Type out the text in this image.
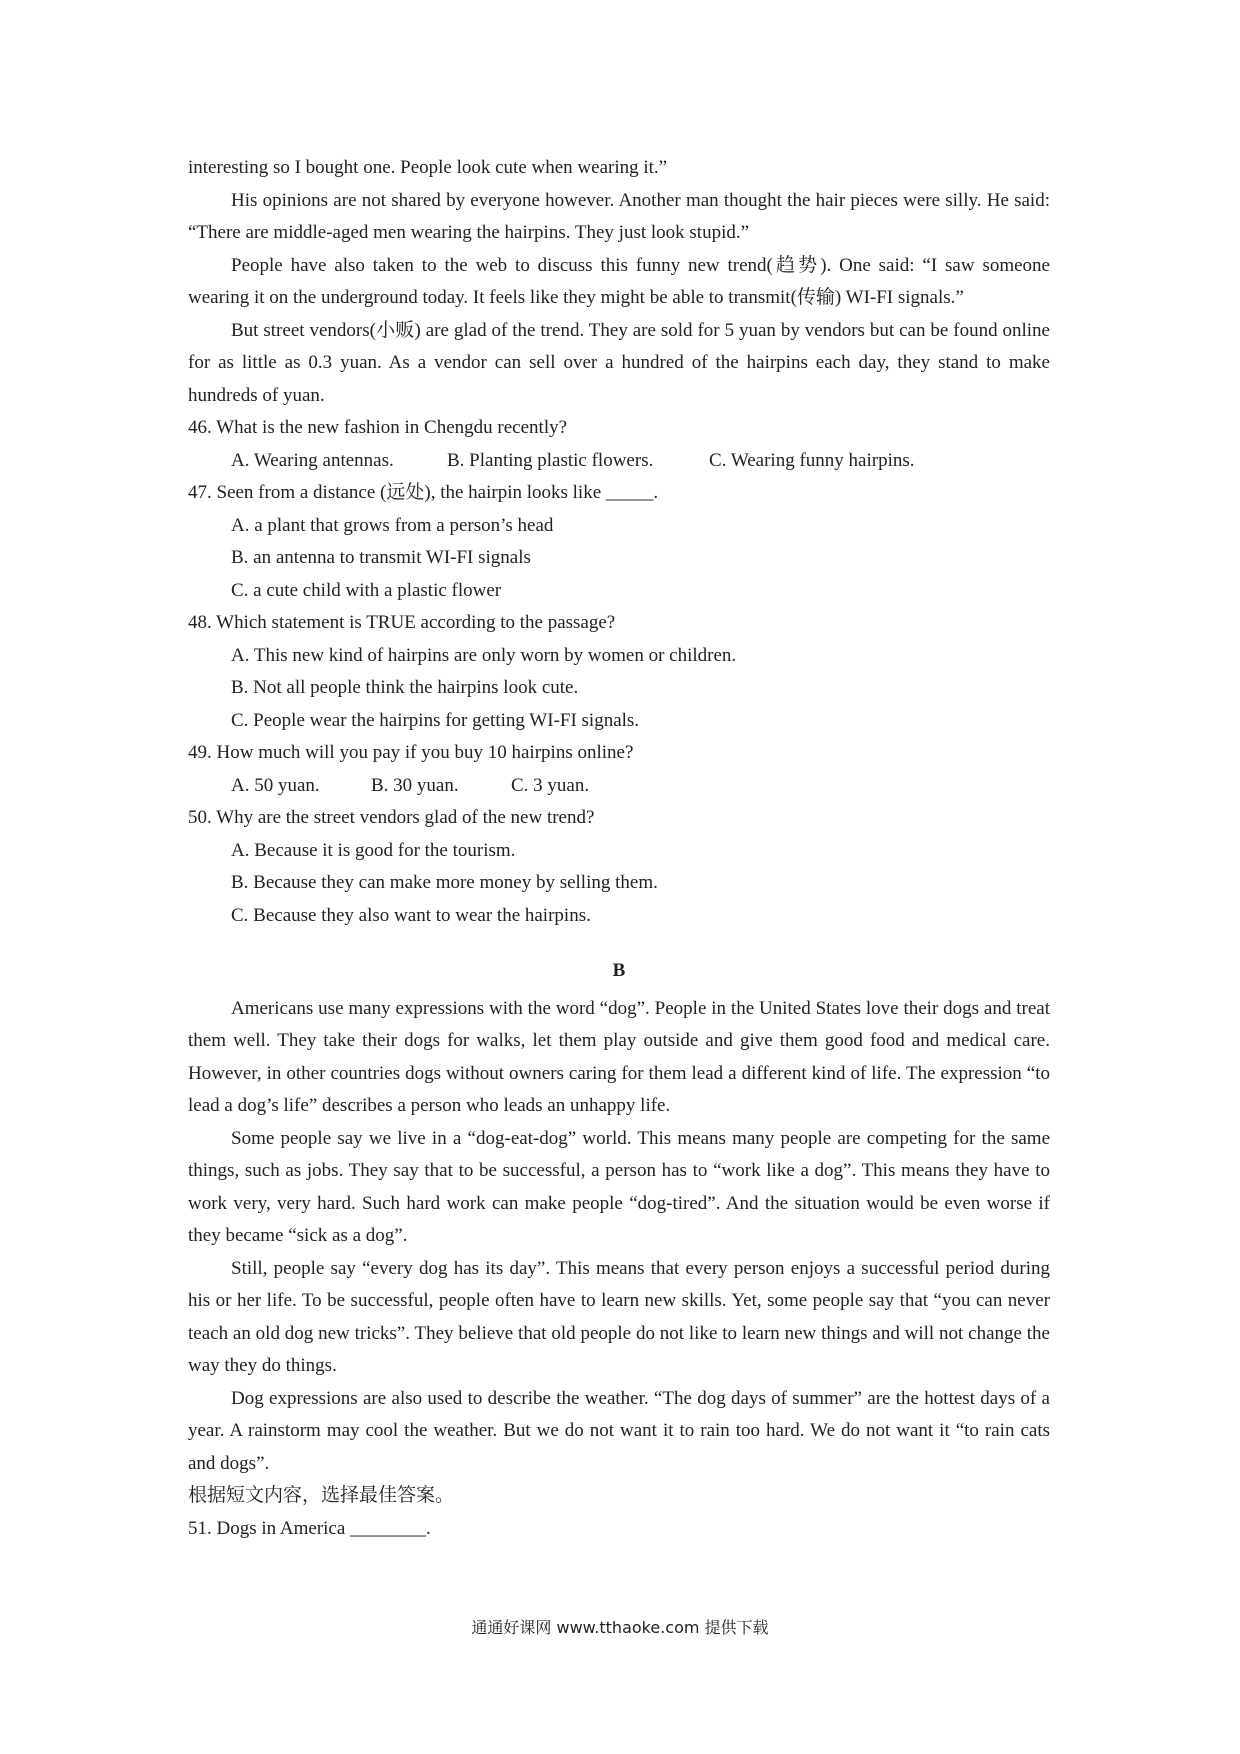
interesting so I bought one. People look cute when wearing it.”

His opinions are not shared by everyone however. Another man thought the hair pieces were silly. He said: “There are middle-aged men wearing the hairpins. They just look stupid.”

People have also taken to the web to discuss this funny new trend(趋势). One said: “I saw someone wearing it on the underground today. It feels like they might be able to transmit(传输) WI-FI signals.”

But street vendors(小贩) are glad of the trend. They are sold for 5 yuan by vendors but can be found online for as little as 0.3 yuan. As a vendor can sell over a hundred of the hairpins each day, they stand to make hundreds of yuan.

46. What is the new fashion in Chengdu recently?

A. Wearing antennas.	B. Planting plastic flowers.	C. Wearing funny hairpins.

47. Seen from a distance (远处), the hairpin looks like _____.

A. a plant that grows from a person’s head

B. an antenna to transmit WI-FI signals

C. a cute child with a plastic flower

48. Which statement is TRUE according to the passage?

A. This new kind of hairpins are only worn by women or children.

B. Not all people think the hairpins look cute.

C. People wear the hairpins for getting WI-FI signals.

49. How much will you pay if you buy 10 hairpins online?

A. 50 yuan.	B. 30 yuan.	C. 3 yuan.

50. Why are the street vendors glad of the new trend?

A. Because it is good for the tourism.

B. Because they can make more money by selling them.

C. Because they also want to wear the hairpins.

B

Americans use many expressions with the word “dog”. People in the United States love their dogs and treat them well. They take their dogs for walks, let them play outside and give them good food and medical care. However, in other countries dogs without owners caring for them lead a different kind of life. The expression “to lead a dog’s life” describes a person who leads an unhappy life.

Some people say we live in a “dog-eat-dog” world. This means many people are competing for the same things, such as jobs. They say that to be successful, a person has to “work like a dog”. This means they have to work very, very hard. Such hard work can make people “dog-tired”. And the situation would be even worse if they became “sick as a dog”.

Still, people say “every dog has its day”. This means that every person enjoys a successful period during his or her life. To be successful, people often have to learn new skills. Yet, some people say that “you can never teach an old dog new tricks”. They believe that old people do not like to learn new things and will not change the way they do things.

Dog expressions are also used to describe the weather. “The dog days of summer” are the hottest days of a year. A rainstorm may cool the weather. But we do not want it to rain too hard. We do not want it “to rain cats and dogs”.

根据短文内容，选择最佳答案。

51. Dogs in America ________.

通通好课网 www.tthaoke.com 提供下载
